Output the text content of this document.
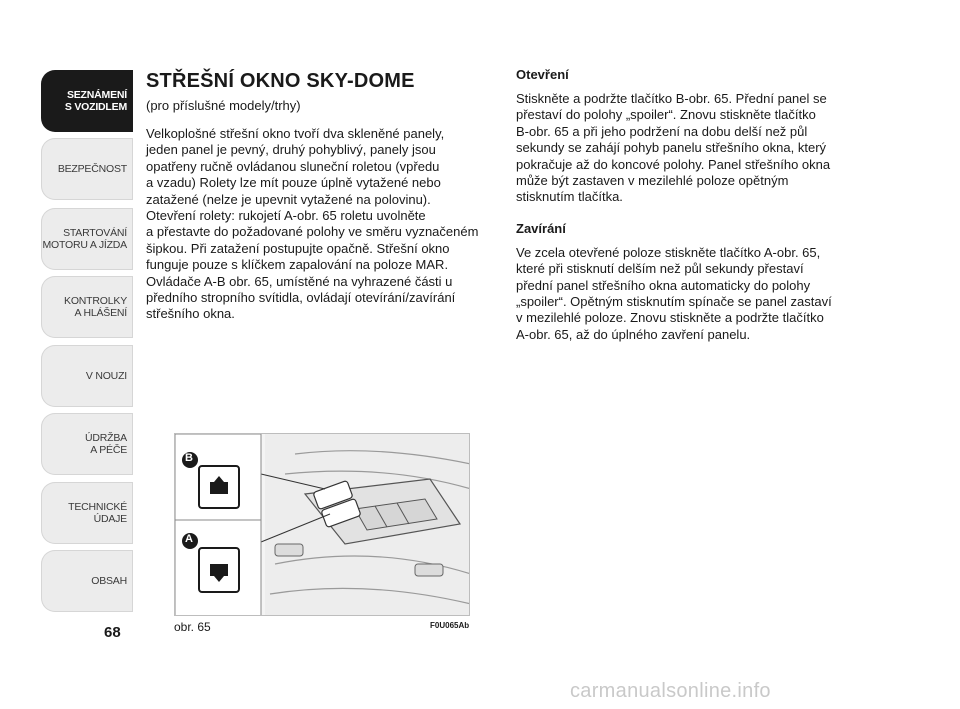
SEZNÁMENÍ
S VOZIDLEM
BEZPEČNOST
STARTOVÁNÍ
MOTORU A JÍZDA
KONTROLKY
A HLÁŠENÍ
V NOUZI
ÚDRŽBA
A PÉČE
TECHNICKÉ
ÚDAJE
OBSAH
68
STŘEŠNÍ OKNO SKY-DOME
(pro příslušné modely/trhy)
Velkoplošné střešní okno tvoří dva skleněné panely,
jeden panel je pevný, druhý pohyblivý, panely jsou
opatřeny ručně ovládanou sluneční roletou (vpředu
a vzadu) Rolety lze mít pouze úplně vytažené nebo
zatažené (nelze je upevnit vytažené na polovinu).
Otevření rolety: rukojetí A-obr. 65 roletu uvolněte
a přestavte do požadované polohy ve směru vyznačeném
šipkou. Při zatažení postupujte opačně. Střešní okno
funguje pouze s klíčkem zapalování na poloze MAR.
Ovládače A-B obr. 65, umístěné na vyhrazené části u
předního stropního svítidla, ovládají otevírání/zavírání
střešního okna.
Otevření
Stiskněte a podržte tlačítko B-obr. 65. Přední panel se
přestaví do polohy „spoiler“. Znovu stiskněte tlačítko
B-obr. 65 a při jeho podržení na dobu delší než půl
sekundy se zahájí pohyb panelu střešního okna, který
pokračuje až do koncové polohy. Panel střešního okna
může být zastaven v mezilehlé poloze opětným
stisknutím tlačítka.
Zavírání
Ve zcela otevřené poloze stiskněte tlačítko A-obr. 65,
které při stisknutí delším než půl sekundy přestaví
přední panel střešního okna automaticky do polohy
„spoiler“. Opětným stisknutím spínače se panel zastaví
v mezilehlé poloze. Znovu stiskněte a podržte tlačítko
A-obr. 65, až do úplného zavření panelu.
B
A
obr. 65	F0U065Ab
carmanualsonline.info
